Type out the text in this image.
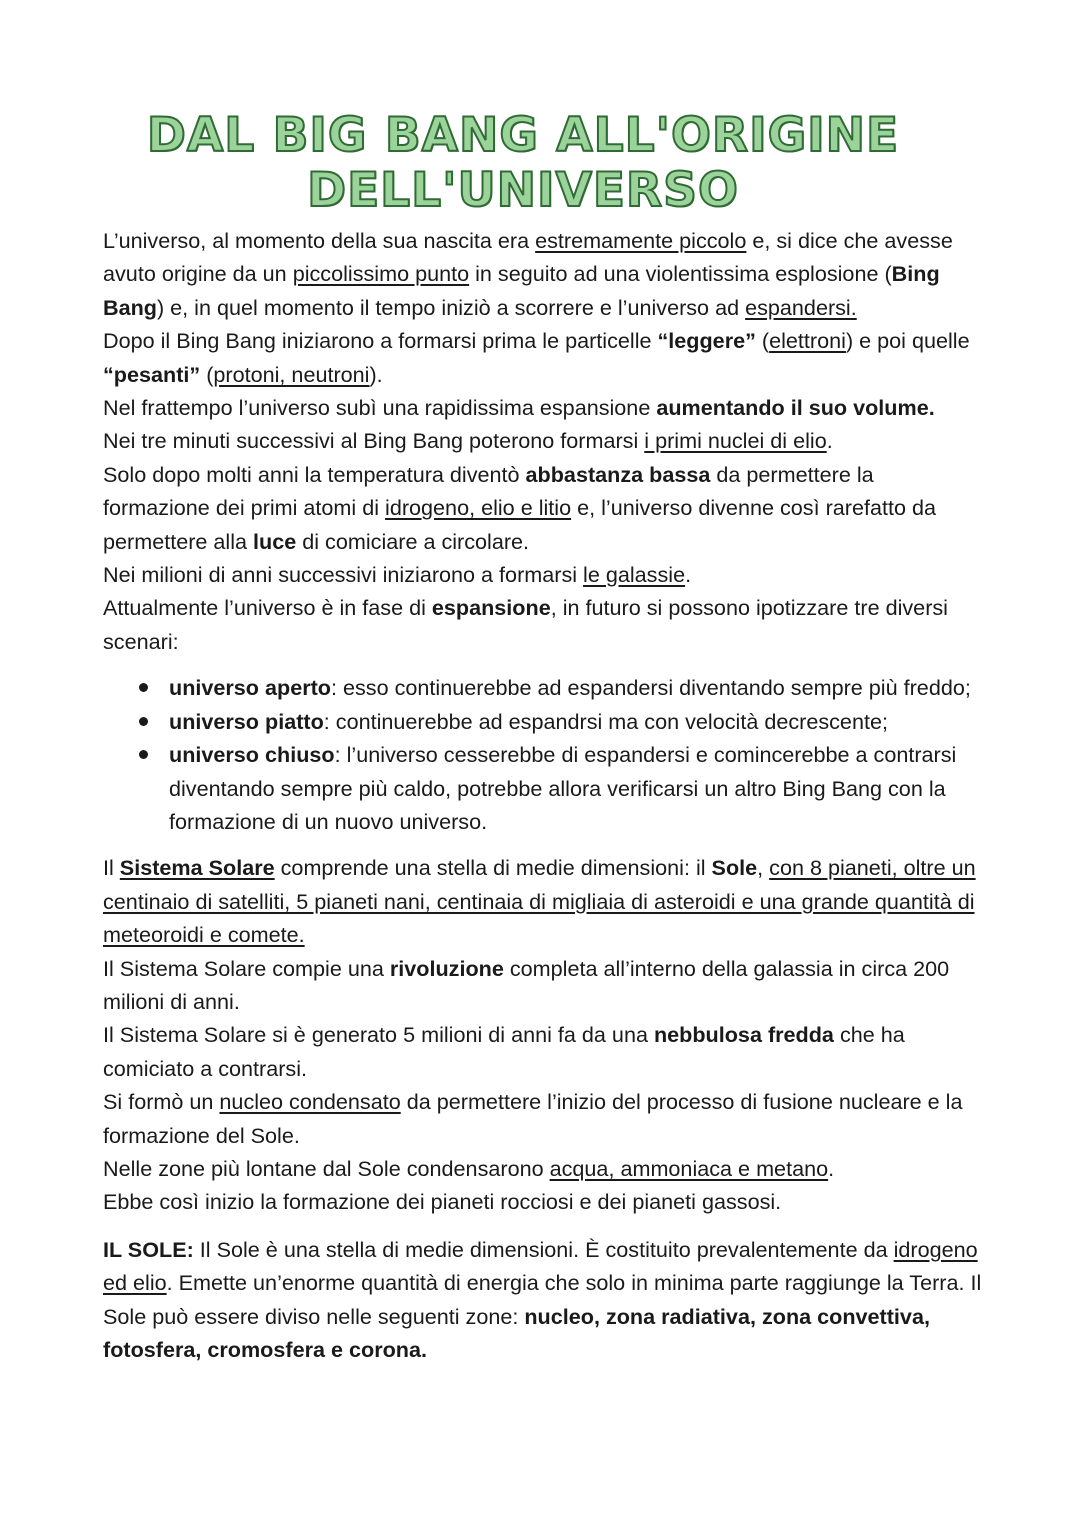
DAL BIG BANG ALL'ORIGINE DELL'UNIVERSO

L’universo, al momento della sua nascita era estremamente piccolo e, si dice che avesse avuto origine da un piccolissimo punto in seguito ad una violentissima esplosione (Bing Bang) e, in quel momento il tempo iniziò a scorrere e l’universo ad espandersi.

Dopo il Bing Bang iniziarono a formarsi prima le particelle “leggere” (elettroni) e poi quelle “pesanti” (protoni, neutroni).

Nel frattempo l’universo subì una rapidissima espansione aumentando il suo volume.

Nei tre minuti successivi al Bing Bang poterono formarsi i primi nuclei di elio.

Solo dopo molti anni la temperatura diventò abbastanza bassa da permettere la formazione dei primi atomi di idrogeno, elio e litio e, l’universo divenne così rarefatto da permettere alla luce di comiciare a circolare.

Nei milioni di anni successivi iniziarono a formarsi le galassie.

Attualmente l’universo è in fase di espansione, in futuro si possono ipotizzare tre diversi scenari:

universo aperto: esso continuerebbe ad espandersi diventando sempre più freddo;
universo piatto: continuerebbe ad espandrsi ma con velocità decrescente;
universo chiuso: l’universo cesserebbe di espandersi e comincerebbe a contrarsi diventando sempre più caldo, potrebbe allora verificarsi un altro Bing Bang con la formazione di un nuovo universo.

Il Sistema Solare comprende una stella di medie dimensioni: il Sole, con 8 pianeti, oltre un centinaio di satelliti, 5 pianeti nani, centinaia di migliaia di asteroidi e una grande quantità di meteoroidi e comete.

Il Sistema Solare compie una rivoluzione completa all’interno della galassia in circa 200 milioni di anni.

Il Sistema Solare si è generato 5 milioni di anni fa da una nebbulosa fredda che ha comiciato a contrarsi.

Si formò un nucleo condensato da permettere l’inizio del processo di fusione nucleare e la formazione del Sole.

Nelle zone più lontane dal Sole condensarono acqua, ammoniaca e metano.

Ebbe così inizio la formazione dei pianeti rocciosi e dei pianeti gassosi.

IL SOLE: Il Sole è una stella di medie dimensioni. È costituito prevalentemente da idrogeno ed elio. Emette un’enorme quantità di energia che solo in minima parte raggiunge la Terra. Il Sole può essere diviso nelle seguenti zone: nucleo, zona radiativa, zona convettiva, fotosfera, cromosfera e corona.
